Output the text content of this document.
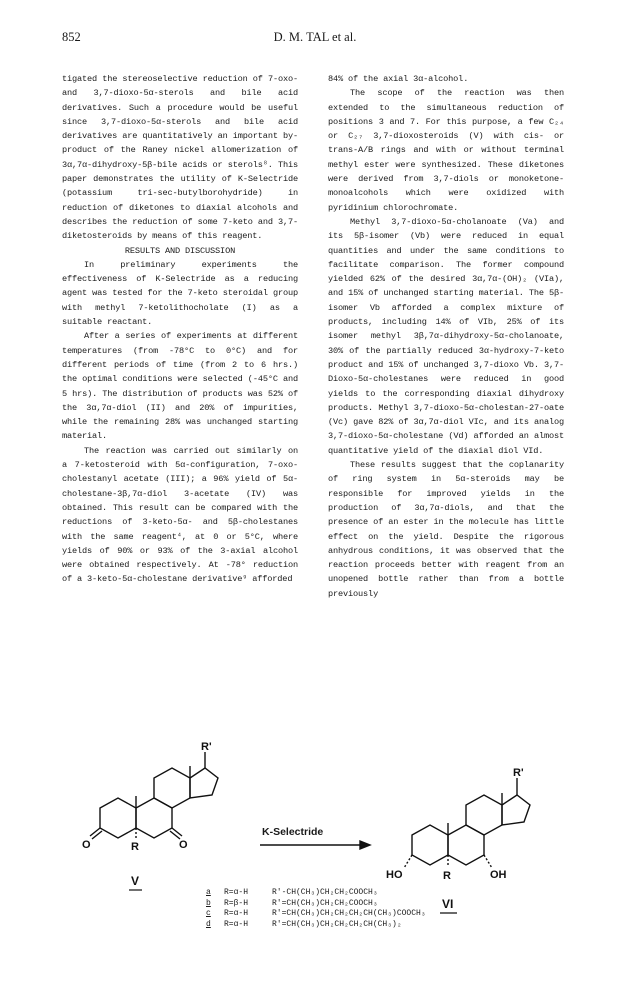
852	D. M. TAL et al.

tigated the stereoselective reduction of 7-oxo- and 3,7-dioxo-5α-sterols and bile acid derivatives. Such a procedure would be useful since 3,7-dioxo-5α-sterols and bile acid derivatives are quantitatively an important by-product of the Raney nickel allomerization of 3α,7α-dihydroxy-5β-bile acids or sterols⁸. This paper demonstrates the utility of K-Selectride (potassium tri-sec-butylborohydride) in reduction of diketones to diaxial alcohols and describes the reduction of some 7-keto and 3,7-diketosteroids by means of this reagent.

RESULTS AND DISCUSSION

In preliminary experiments the effectiveness of K-Selectride as a reducing agent was tested for the 7-keto steroidal group with methyl 7-ketolithocholate (I) as a suitable reactant.

After a series of experiments at different temperatures (from -78°C to 0°C) and for different periods of time (from 2 to 6 hrs.) the optimal conditions were selected (-45°C and 5 hrs). The distribution of products was 52% of the 3α,7α-diol (II) and 20% of impurities, while the remaining 28% was unchanged starting material.

The reaction was carried out similarly on a 7-ketosteroid with 5α-configuration, 7-oxo-cholestanyl acetate (III); a 96% yield of 5α-cholestane-3β,7α-diol 3-acetate (IV) was obtained. This result can be compared with the reductions of 3-keto-5α- and 5β-cholestanes with the same reagent⁴, at 0 or 5°C, where yields of 90% or 93% of the 3-axial alcohol were obtained respectively. At -78° reduction of a 3-keto-5α-cholestane derivative⁹ afforded

84% of the axial 3α-alcohol.

The scope of the reaction was then extended to the simultaneous reduction of positions 3 and 7. For this purpose, a few C₂₄ or C₂₇ 3,7-dioxosteroids (V) with cis- or trans-A/B rings and with or without terminal methyl ester were synthesized. These diketones were derived from 3,7-diols or monoketone-monoalcohols which were oxidized with pyridinium chlorochromate.

Methyl 3,7-dioxo-5α-cholanoate (Va) and its 5β-isomer (Vb) were reduced in equal quantities and under the same conditions to facilitate comparison. The former compound yielded 62% of the desired 3α,7α-(OH)₂ (VIa), and 15% of unchanged starting material. The 5β-isomer Vb afforded a complex mixture of products, including 14% of VIb, 25% of its isomer methyl 3β,7α-dihydroxy-5α-cholanoate, 30% of the partially reduced 3α-hydroxy-7-keto product and 15% of unchanged 3,7-dioxo Vb. 3,7-Dioxo-5α-cholestanes were reduced in good yields to the corresponding diaxial dihydroxy products. Methyl 3,7-dioxo-5α-cholestan-27-oate (Vc) gave 82% of 3α,7α-diol VIc, and its analog 3,7-dioxo-5α-cholestane (Vd) afforded an almost quantitative yield of the diaxial diol VId.

These results suggest that the coplanarity of ring system in 5α-steroids may be responsible for improved yields in the production of 3α,7α-diols, and that the presence of an ester in the molecule has little effect on the yield. Despite the rigorous anhydrous conditions, it was observed that the reaction proceeds better with reagent from an unopened bottle rather than from a bottle previously

R'
O	O
R
V
R'
HO	OH
R
VI
K-Selectride
a R=α-H	R'-CH(CH₃)CH₂CH₂COOCH₃
b R=β-H	R'=CH(CH₃)CH₂CH₂COOCH₃
c R=α-H	R'=CH(CH₃)CH₂CH₂CH₂CH(CH₃)COOCH₃
d R=α-H	R'=CH(CH₃)CH₂CH₂CH₂CH(CH₃)₂
